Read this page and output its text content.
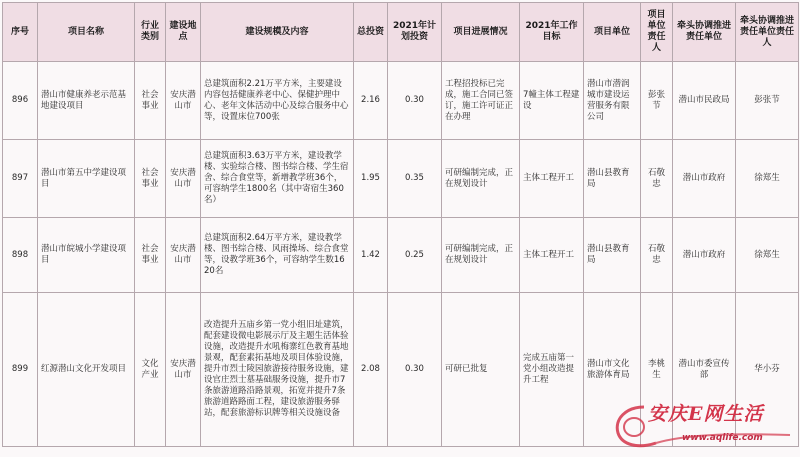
序号	项目名称	行业类别	建设地点	建设规模及内容	总投资	2021年计划投资	项目进展情况	2021年工作目标	项目单位	项目单位责任人	牵头协调推进责任单位	牵头协调推进责任单位责任人
896	潜山市健康养老示范基地建设项目	社会事业	安庆潜山市	总建筑面积2.21万平方米，主要建设内容包括健康养老中心、保健护理中心、老年文体活动中心及综合服务中心等，设置床位700张	2.16	0.30	工程招投标已完成，施工合同已签订，施工许可证正在办理	7幢主体工程建设	潜山市潜润城市建设运营服务有限公司	彭张节	潜山市民政局	彭张节
897	潜山市第五中学建设项目	社会事业	安庆潜山市	总建筑面积3.63万平方米，建设教学楼、实验综合楼、图书综合楼、学生宿舍、综合食堂等，新增教学班36个，可容纳学生1800名（其中寄宿生360名）	1.95	0.35	可研编制完成，正在规划设计	主体工程开工	潜山县教育局	石敬忠	潜山市政府	徐郑生
898	潜山市皖城小学建设项目	社会事业	安庆潜山市	总建筑面积2.64万平方米，建设教学楼、图书综合楼、风雨操场、综合食堂等，设教学班36个，可容纳学生数1620名	1.42	0.25	可研编制完成，正在规划设计	主体工程开工	潜山县教育局	石敬忠	潜山市政府	徐郑生
899	红源潜山文化开发项目	文化产业	安庆潜山市	改造提升五庙乡第一党小组旧址建筑，配套建设微电影展示厅及主题生活体验设施，改造提升水吼梅寨红色教育基地景观，配套素拓基地及项目体验设施，提升市烈士陵园旅游接待服务设施，建设官庄烈士墓基础服务设施，提升市7条旅游道路沿路景观，拓宽并提升7条旅游道路路面工程，建设旅游服务驿站，配套旅游标识牌等相关设施设备	2.08	0.30	可研已批复	完成五庙第一党小组改造提升工程	潜山市文化旅游体育局	李桃生	潜山市委宣传部	华小芬
安庆E网生活
www.aqlife.com
